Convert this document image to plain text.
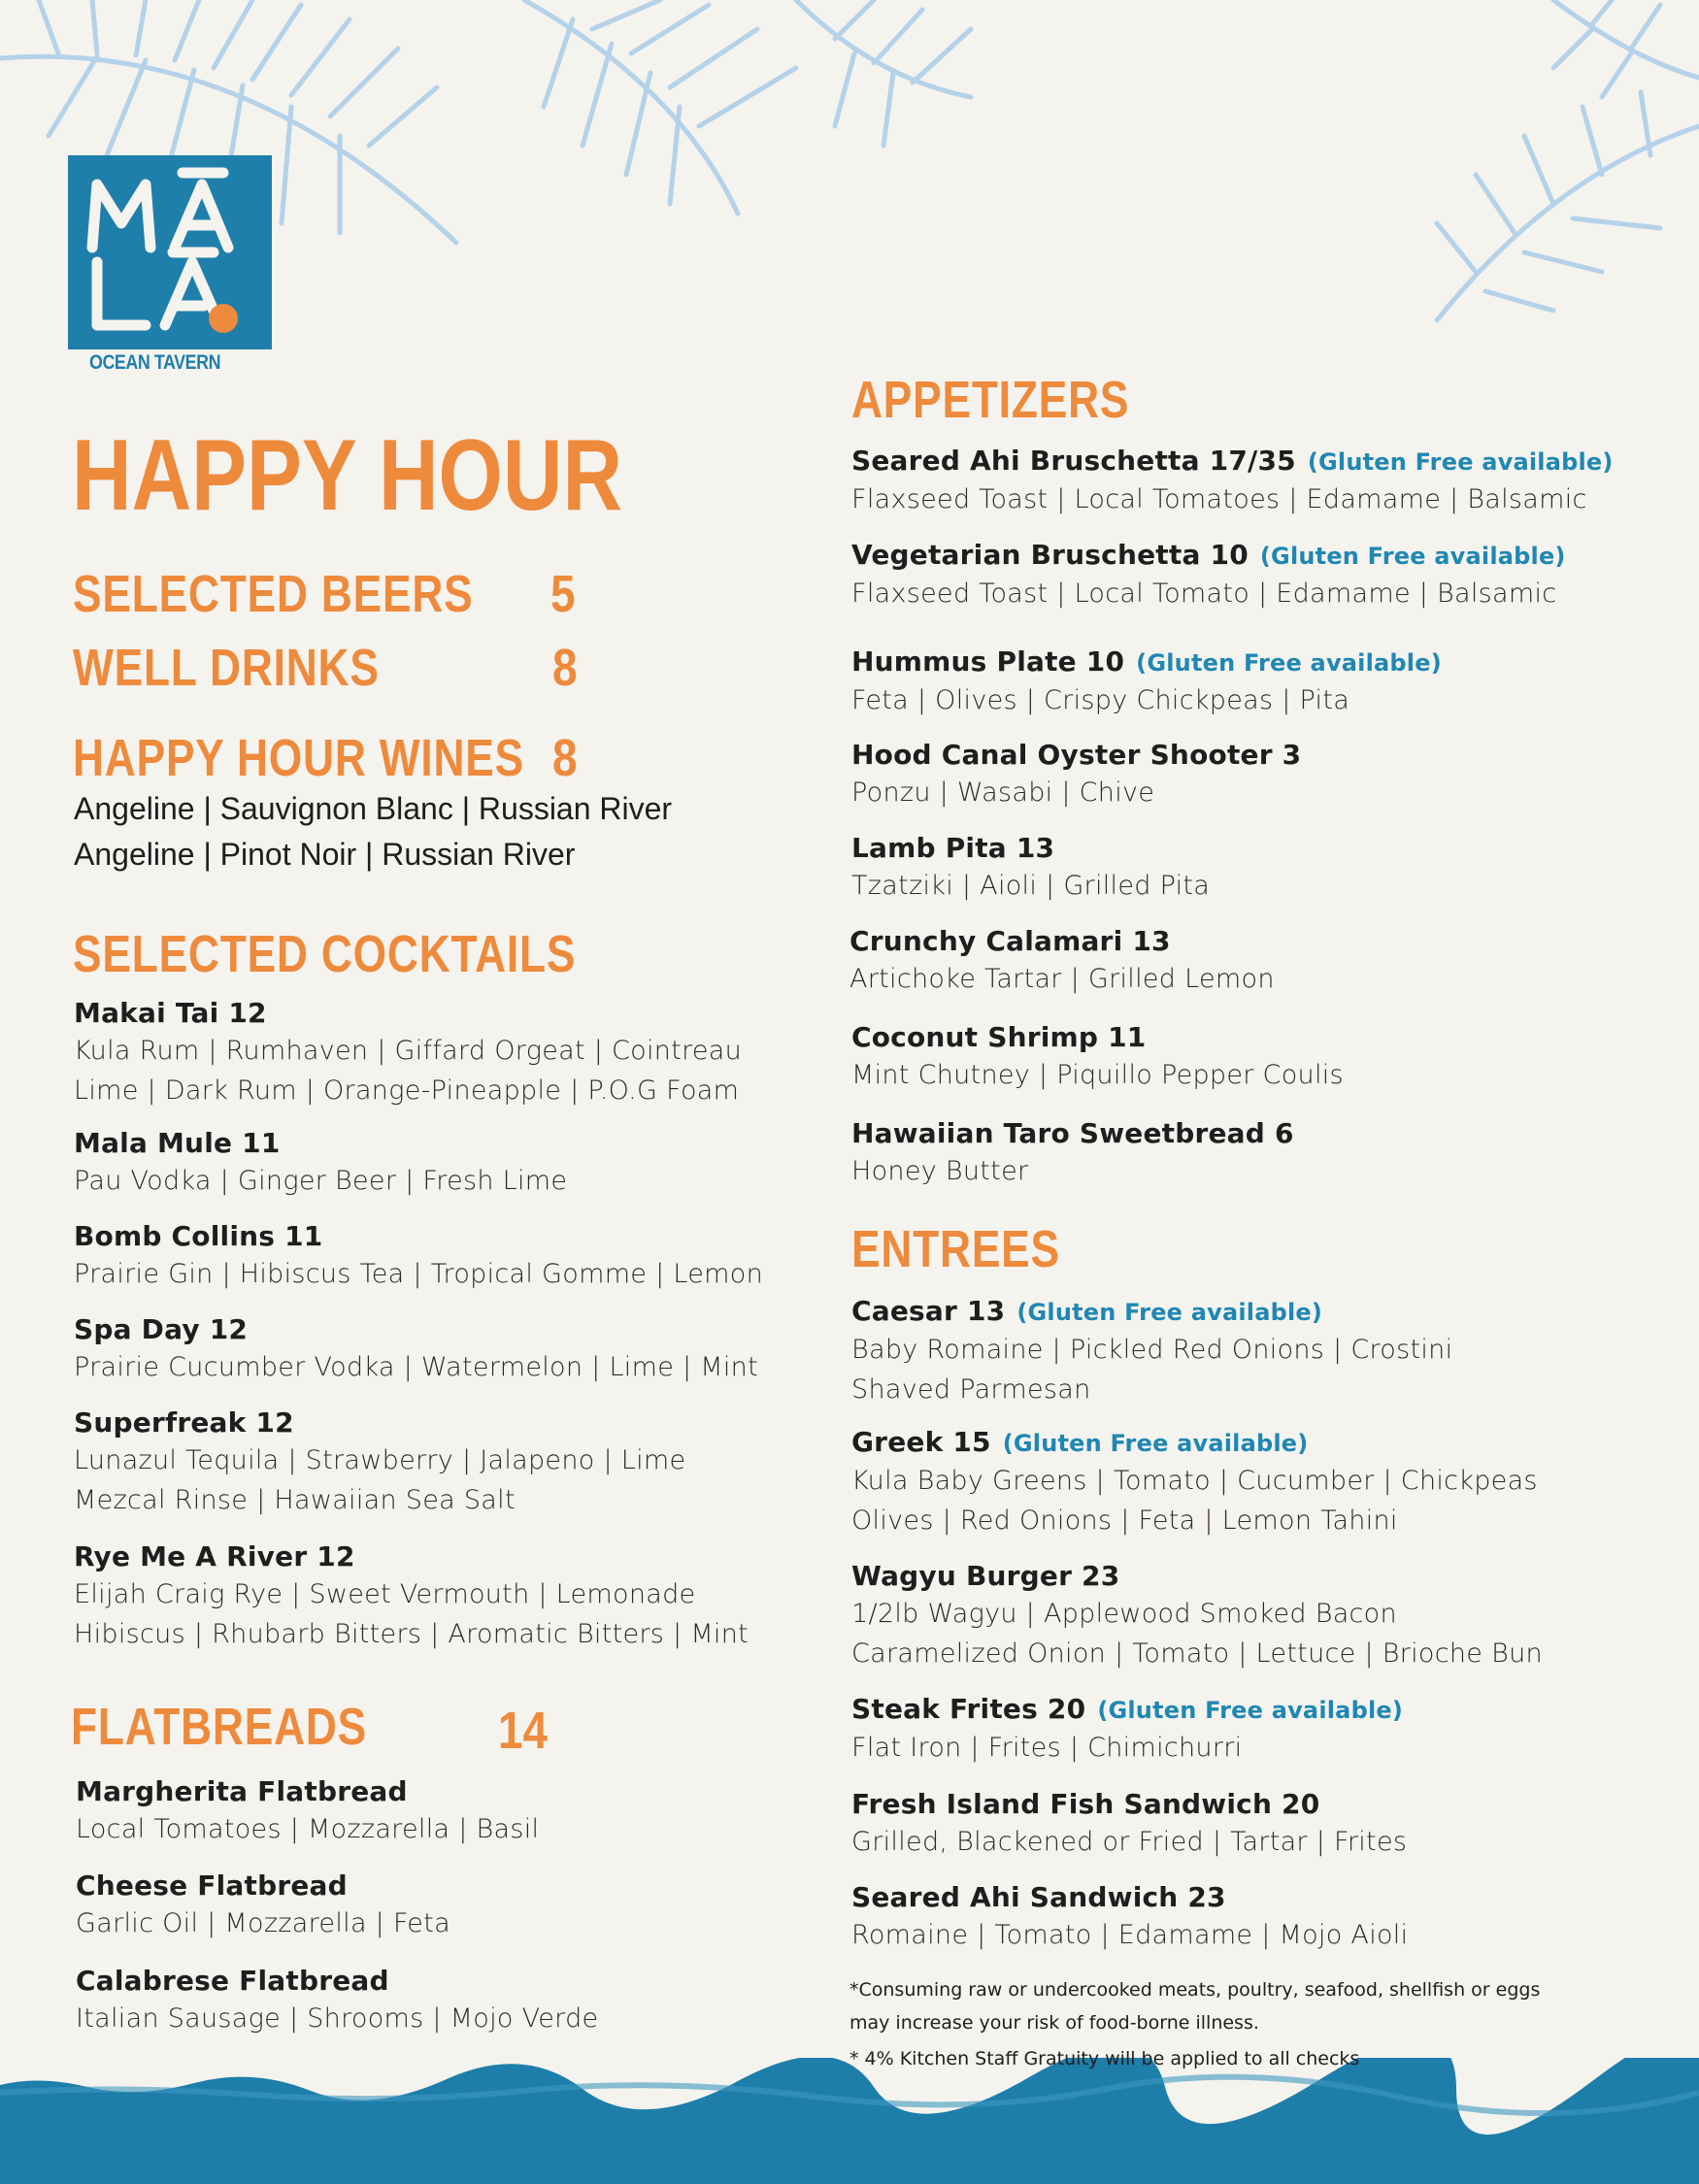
OCEAN TAVERN
HAPPY HOUR
SELECTED BEERS 5
WELL DRINKS	8
HAPPY HOUR WINES 8
Angeline | Sauvignon Blanc | Russian River
Angeline | Pinot Noir | Russian River
SELECTED COCKTAILS
Makai Tai 12
Kula Rum | Rumhaven | Giffard Orgeat | Cointreau
Lime | Dark Rum | Orange-Pineapple | P.O.G Foam
Mala Mule 11
Pau Vodka | Ginger Beer | Fresh Lime
Bomb Collins 11
Prairie Gin | Hibiscus Tea | Tropical Gomme | Lemon
Spa Day 12
Prairie Cucumber Vodka | Watermelon | Lime | Mint
Superfreak 12
Lunazul Tequila | Strawberry | Jalapeno | Lime
Mezcal Rinse | Hawaiian Sea Salt
Rye Me A River 12
Elijah Craig Rye | Sweet Vermouth | Lemonade
Hibiscus | Rhubarb Bitters | Aromatic Bitters | Mint
FLATBREADS 14
Margherita Flatbread
Local Tomatoes | Mozzarella | Basil
Cheese Flatbread
Garlic Oil | Mozzarella | Feta
Calabrese Flatbread
Italian Sausage | Shrooms | Mojo Verde
APPETIZERS
Seared Ahi Bruschetta 17/35 (Gluten Free available)
Flaxseed Toast | Local Tomatoes | Edamame | Balsamic
Vegetarian Bruschetta 10 (Gluten Free available)
Flaxseed Toast | Local Tomato | Edamame | Balsamic
Hummus Plate 10 (Gluten Free available)
Feta | Olives | Crispy Chickpeas | Pita
Hood Canal Oyster Shooter 3
Ponzu | Wasabi | Chive
Lamb Pita 13
Tzatziki | Aioli | Grilled Pita
Crunchy Calamari 13
Artichoke Tartar | Grilled Lemon
Coconut Shrimp 11
Mint Chutney | Piquillo Pepper Coulis
Hawaiian Taro Sweetbread 6
Honey Butter
ENTREES
Caesar 13 (Gluten Free available)
Baby Romaine | Pickled Red Onions | Crostini
Shaved Parmesan
Greek 15 (Gluten Free available)
Kula Baby Greens | Tomato | Cucumber | Chickpeas
Olives | Red Onions | Feta | Lemon Tahini
Wagyu Burger 23
1/2lb Wagyu | Applewood Smoked Bacon
Caramelized Onion | Tomato | Lettuce | Brioche Bun
Steak Frites 20 (Gluten Free available)
Flat Iron | Frites | Chimichurri
Fresh Island Fish Sandwich 20
Grilled, Blackened or Fried | Tartar | Frites
Seared Ahi Sandwich 23
Romaine | Tomato | Edamame | Mojo Aioli
*Consuming raw or undercooked meats, poultry, seafood, shellfish or eggs
may increase your risk of food-borne illness.
* 4% Kitchen Staff Gratuity will be applied to all checks
